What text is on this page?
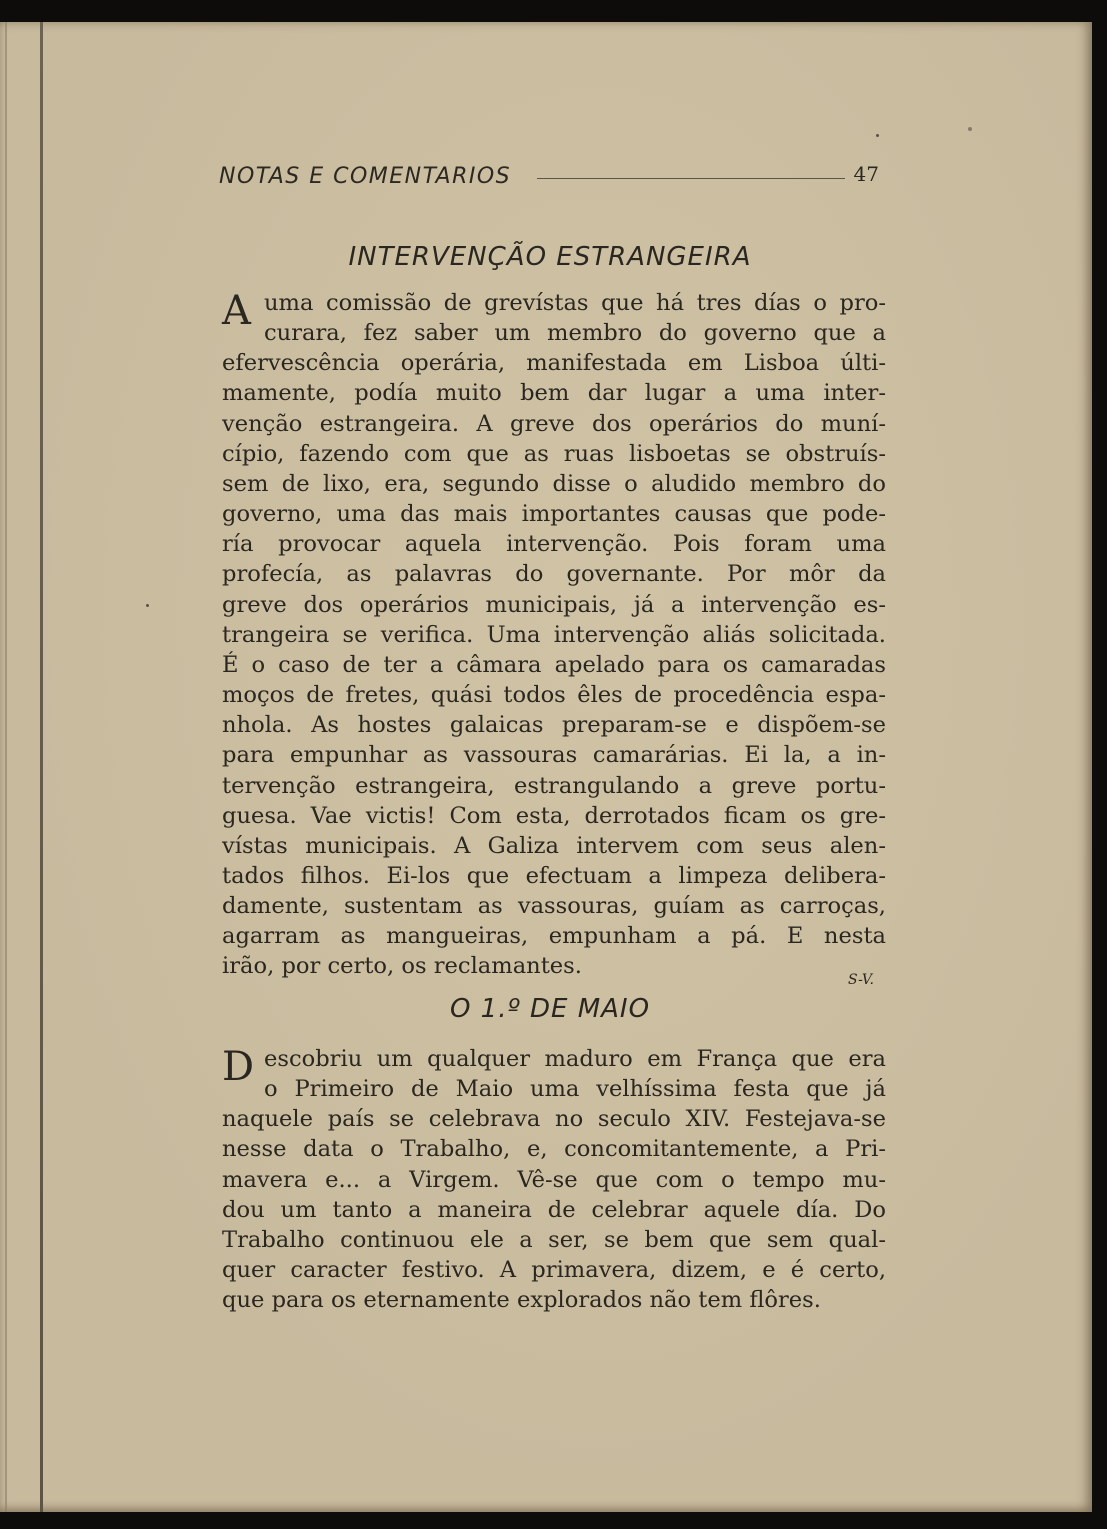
NOTAS E COMENTARIOS	47
INTERVENÇÃO ESTRANGEIRA
A uma comissão de grevístas que há tres días o pro-
curara, fez saber um membro do governo que a
efervescência operária, manifestada em Lisboa últi-
mamente, podía muito bem dar lugar a uma inter-
venção estrangeira. A greve dos operários do muní-
cípio, fazendo com que as ruas lisboetas se obstruís-
sem de lixo, era, segundo disse o aludido membro do
governo, uma das mais importantes causas que pode-
ría provocar aquela intervenção. Pois foram uma
profecía, as palavras do governante. Por môr da
greve dos operários municipais, já a intervenção es-
trangeira se verifica. Uma intervenção aliás solicitada.
É o caso de ter a câmara apelado para os camaradas
moços de fretes, quási todos êles de procedência espa-
nhola. As hostes galaicas preparam-se e dispõem-se
para empunhar as vassouras camarárias. Ei la, a in-
tervenção estrangeira, estrangulando a greve portu-
guesa. Vae victis! Com esta, derrotados ficam os gre-
vístas municipais. A Galiza intervem com seus alen-
tados filhos. Ei-los que efectuam a limpeza delibera-
damente, sustentam as vassouras, guíam as carroças,
agarram as mangueiras, empunham a pá. E nesta
irão, por certo, os reclamantes.
S-V.
O 1.º DE MAIO
D escobriu um qualquer maduro em França que era
o Primeiro de Maio uma velhíssima festa que já
naquele país se celebrava no seculo XIV. Festejava-se
nesse data o Trabalho, e, concomitantemente, a Pri-
mavera e... a Virgem. Vê-se que com o tempo mu-
dou um tanto a maneira de celebrar aquele día. Do
Trabalho continuou ele a ser, se bem que sem qual-
quer caracter festivo. A primavera, dizem, e é certo,
que para os eternamente explorados não tem flôres.
